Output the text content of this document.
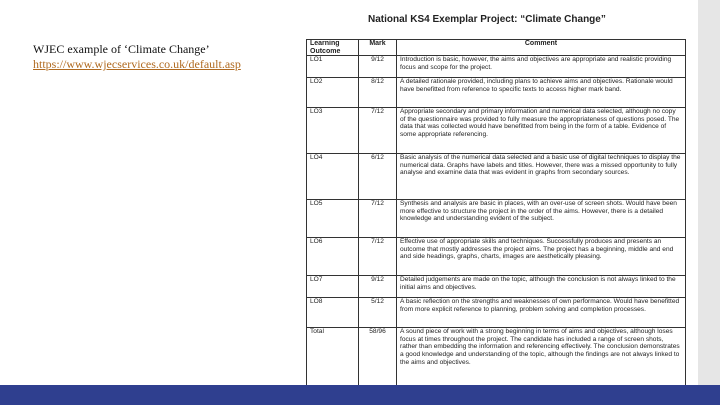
WJEC example of ‘Climate Change’
https://www.wjecservices.co.uk/default.asp
National KS4 Exemplar Project: “Climate Change”
Learning Outcome	Mark	Comment
LO1	9/12	Introduction is basic, however, the aims and objectives are appropriate and realistic providing focus and scope for the project.
LO2	8/12	A detailed rationale provided, including plans to achieve aims and objectives. Rationale would have benefitted from reference to specific texts to access higher mark band.
LO3	7/12	Appropriate secondary and primary information and numerical data selected, although no copy of the questionnaire was provided to fully measure the appropriateness of questions posed. The data that was collected would have benefitted from being in the form of a table. Evidence of some appropriate referencing.
LO4	6/12	Basic analysis of the numerical data selected and a basic use of digital techniques to display the numerical data. Graphs have labels and titles. However, there was a missed opportunity to fully analyse and examine data that was evident in graphs from secondary sources.
LO5	7/12	Synthesis and analysis are basic in places, with an over-use of screen shots. Would have been more effective to structure the project in the order of the aims. However, there is a detailed knowledge and understanding evident of the subject.
LO6	7/12	Effective use of appropriate skills and techniques. Successfully produces and presents an outcome that mostly addresses the project aims. The project has a beginning, middle and end and side headings, graphs, charts, images are aesthetically pleasing.
LO7	9/12	Detailed judgements are made on the topic, although the conclusion is not always linked to the initial aims and objectives.
LO8	5/12	A basic reflection on the strengths and weaknesses of own performance. Would have benefitted from more explicit reference to planning, problem solving and completion processes.
Total	58/96	A sound piece of work with a strong beginning in terms of aims and objectives, although loses focus at times throughout the project. The candidate has included a range of screen shots, rather than embedding the information and referencing effectively. The conclusion demonstrates a good knowledge and understanding of the topic, although the findings are not always linked to the aims and objectives.
